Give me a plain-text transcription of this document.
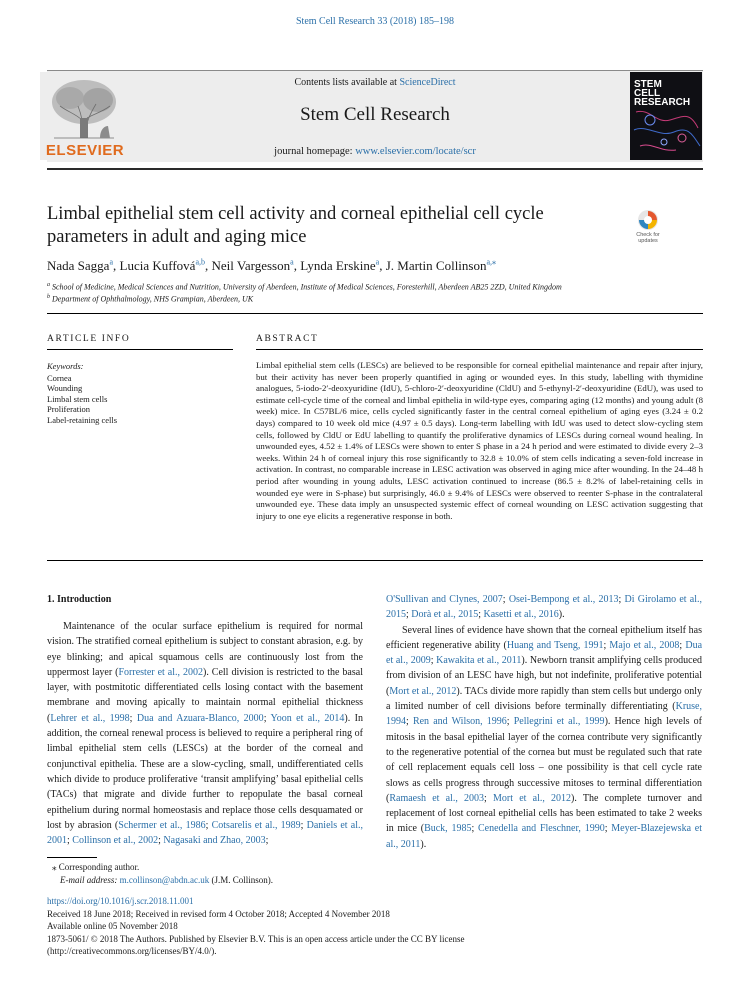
Stem Cell Research 33 (2018) 185–198
ELSEVIER
Contents lists available at ScienceDirect
Stem Cell Research
journal homepage: www.elsevier.com/locate/scr
STEM
CELL
RESEARCH
Limbal epithelial stem cell activity and corneal epithelial cell cycle parameters in adult and aging mice	Check for
updates
Nada Sagga$^a$, Lucia Kuffová$^{a,b}$, Neil Vargesson$^a$, Lynda Erskine$^a$, J. Martin Collinson$^{a,⁎}$
$^a$ School of Medicine, Medical Sciences and Nutrition, University of Aberdeen, Institute of Medical Sciences, Foresterhill, Aberdeen AB25 2ZD, United Kingdom
$^b$ Department of Ophthalmology, NHS Grampian, Aberdeen, UK
ARTICLE INFO	ABSTRACT
Keywords:
Cornea
Wounding
Limbal stem cells
Proliferation
Label-retaining cells
Limbal epithelial stem cells (LESCs) are believed to be responsible for corneal epithelial maintenance and repair after injury, but their activity has never been properly quantified in aging or wounded eyes. In this study, labelling with thymidine analogues, 5-iodo-2′-deoxyuridine (IdU), 5-chloro-2′-deoxyuridine (CldU) and 5-ethynyl-2′-deoxyuridine (EdU), was used to estimate cell-cycle time of the corneal and limbal epithelia in wild-type eyes, comparing aging (12 months) and young adult (8 week) mice. In C57BL/6 mice, cells cycled significantly faster in the central corneal epithelium of aging eyes (3.24 ± 0.2 days) compared to 10 week old mice (4.97 ± 0.5 days). Long-term labelling with IdU was used to detect slow-cycling stem cells, followed by CldU or EdU labelling to quantify the proliferative dynamics of LESCs during corneal wound healing. In unwounded eyes, 4.52 ± 1.4% of LESCs were shown to enter S phase in a 24 h period and were estimated to divide every 2–3 weeks. Within 24 h of corneal injury this rose significantly to 32.8 ± 10.0% of stem cells indicating a seven-fold increase in activation. In contrast, no comparable increase in LESC activation was observed in aging mice after wounding. In the 24–48 h period after wounding in young adults, LESC activation continued to increase (86.5 ± 8.2% of label-retaining cells in wounded eye were in S-phase) but surprisingly, 46.0 ± 9.4% of LESCs were observed to reenter S-phase in the contralateral unwounded eye. These data imply an unsuspected systemic effect of corneal wounding on LESC activation suggesting that injury to one eye elicits a regenerative response in both.
1. Introduction

Maintenance of the ocular surface epithelium is required for normal vision. The stratified corneal epithelium is subject to constant abrasion, e.g. by eye blinking; and apical squamous cells are continuously lost from the uppermost layer (Forrester et al., 2002). Cell division is restricted to the basal layer, with postmitotic differentiated cells losing contact with the basement membrane and moving apically to maintain normal epithelial thickness (Lehrer et al., 1998; Dua and Azuara-Blanco, 2000; Yoon et al., 2014). In addition, the corneal renewal process is believed to require a peripheral ring of limbal epithelial stem cells (LESCs) at the border of the corneal and conjunctival epithelia. These are a slow-cycling, small, undifferentiated cells which divide to produce proliferative ‘transit amplifying’ basal epithelial cells (TACs) that migrate and divide further to repopulate the basal corneal epithelium during normal homeostasis and replace those cells desquamated or lost by abrasion (Schermer et al., 1986; Cotsarelis et al., 1989; Daniels et al., 2001; Collinson et al., 2002; Nagasaki and Zhao, 2003;

O'Sullivan and Clynes, 2007; Osei-Bempong et al., 2013; Di Girolamo et al., 2015; Dorà et al., 2015; Kasetti et al., 2016).

Several lines of evidence have shown that the corneal epithelium itself has efficient regenerative ability (Huang and Tseng, 1991; Majo et al., 2008; Dua et al., 2009; Kawakita et al., 2011). Newborn transit amplifying cells produced from division of an LESC have high, but not indefinite, proliferative potential (Mort et al., 2012). TACs divide more rapidly than stem cells but undergo only a limited number of cell divisions before terminally differentiating (Kruse, 1994; Ren and Wilson, 1996; Pellegrini et al., 1999). Hence high levels of mitosis in the basal epithelial layer of the cornea contribute very significantly to the regenerative potential of the cornea but must be regulated such that rate of cell replacement equals cell loss – one possibility is that cell cycle rate slows as cells progress through successive mitoses to terminal differentiation (Ramaesh et al., 2003; Mort et al., 2012). The complete turnover and replacement of lost corneal epithelial cells has been estimated to take 2 weeks in mice (Buck, 1985; Cenedella and Fleschner, 1990; Meyer-Blazejewska et al., 2011).

⁎ Corresponding author.
E-mail address: m.collinson@abdn.ac.uk (J.M. Collinson).
https://doi.org/10.1016/j.scr.2018.11.001
Received 18 June 2018; Received in revised form 4 October 2018; Accepted 4 November 2018
Available online 05 November 2018
1873-5061/ © 2018 The Authors. Published by Elsevier B.V. This is an open access article under the CC BY license
(http://creativecommons.org/licenses/BY/4.0/).
